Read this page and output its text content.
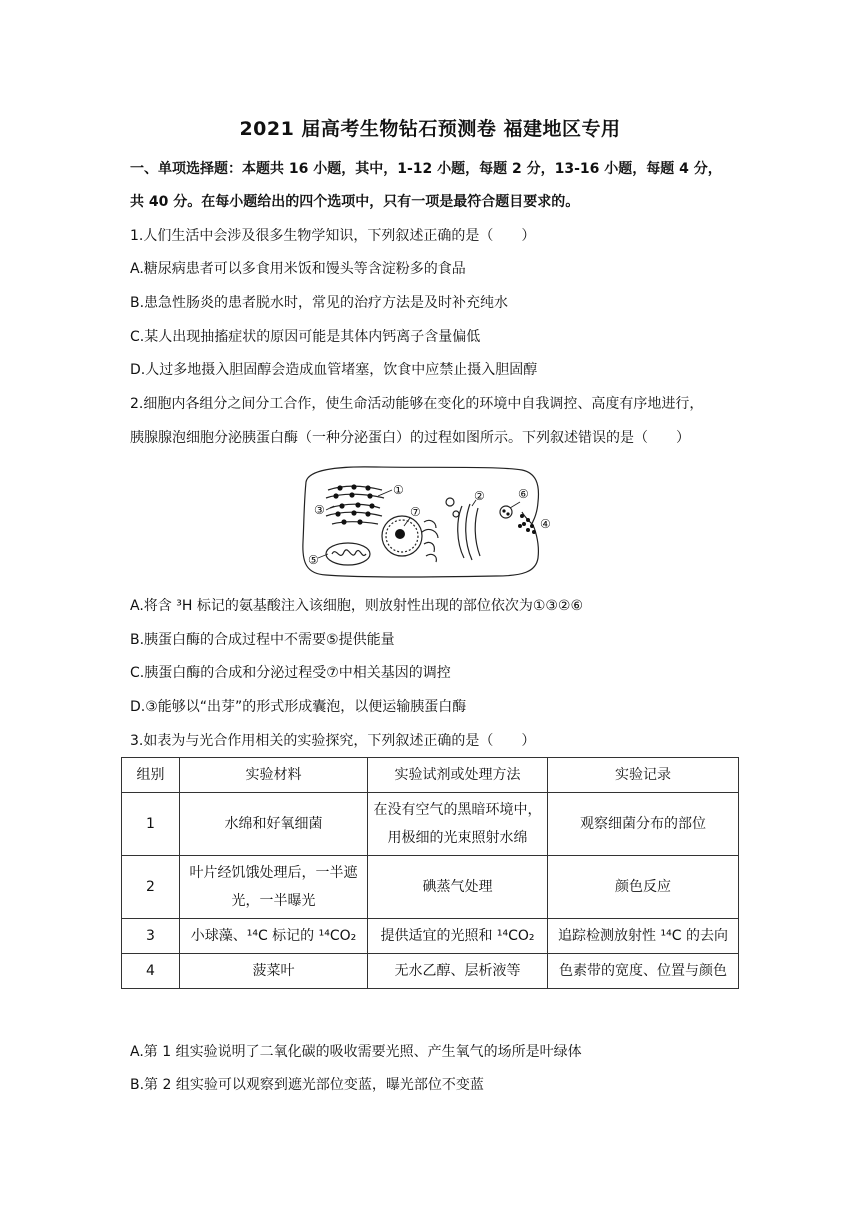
2021 届高考生物钻石预测卷 福建地区专用
一、单项选择题：本题共 16 小题，其中，1-12 小题，每题 2 分，13-16 小题，每题 4 分，
共 40 分。在每小题给出的四个选项中，只有一项是最符合题目要求的。
1.人们生活中会涉及很多生物学知识，下列叙述正确的是（　　）
A.糖尿病患者可以多食用米饭和馒头等含淀粉多的食品
B.患急性肠炎的患者脱水时，常见的治疗方法是及时补充纯水
C.某人出现抽搐症状的原因可能是其体内钙离子含量偏低
D.人过多地摄入胆固醇会造成血管堵塞，饮食中应禁止摄入胆固醇
2.细胞内各组分之间分工合作，使生命活动能够在变化的环境中自我调控、高度有序地进行，
胰腺腺泡细胞分泌胰蛋白酶（一种分泌蛋白）的过程如图所示。下列叙述错误的是（　　）
①	②
③
④
⑤
⑥
⑦
A.将含 ³H 标记的氨基酸注入该细胞，则放射性出现的部位依次为①③②⑥
B.胰蛋白酶的合成过程中不需要⑤提供能量
C.胰蛋白酶的合成和分泌过程受⑦中相关基因的调控
D.③能够以“出芽”的形式形成囊泡，以便运输胰蛋白酶
3.如表为与光合作用相关的实验探究，下列叙述正确的是（　　）
组别	实验材料	实验试剂或处理方法	实验记录
1	水绵和好氧细菌	在没有空气的黑暗环境中，用极细的光束照射水绵	观察细菌分布的部位
2	叶片经饥饿处理后，一半遮光，一半曝光	碘蒸气处理	颜色反应
3	小球藻、¹⁴C 标记的 ¹⁴CO₂	提供适宜的光照和 ¹⁴CO₂	追踪检测放射性 ¹⁴C 的去向
4	菠菜叶	无水乙醇、层析液等	色素带的宽度、位置与颜色
A.第 1 组实验说明了二氧化碳的吸收需要光照、产生氧气的场所是叶绿体
B.第 2 组实验可以观察到遮光部位变蓝，曝光部位不变蓝
